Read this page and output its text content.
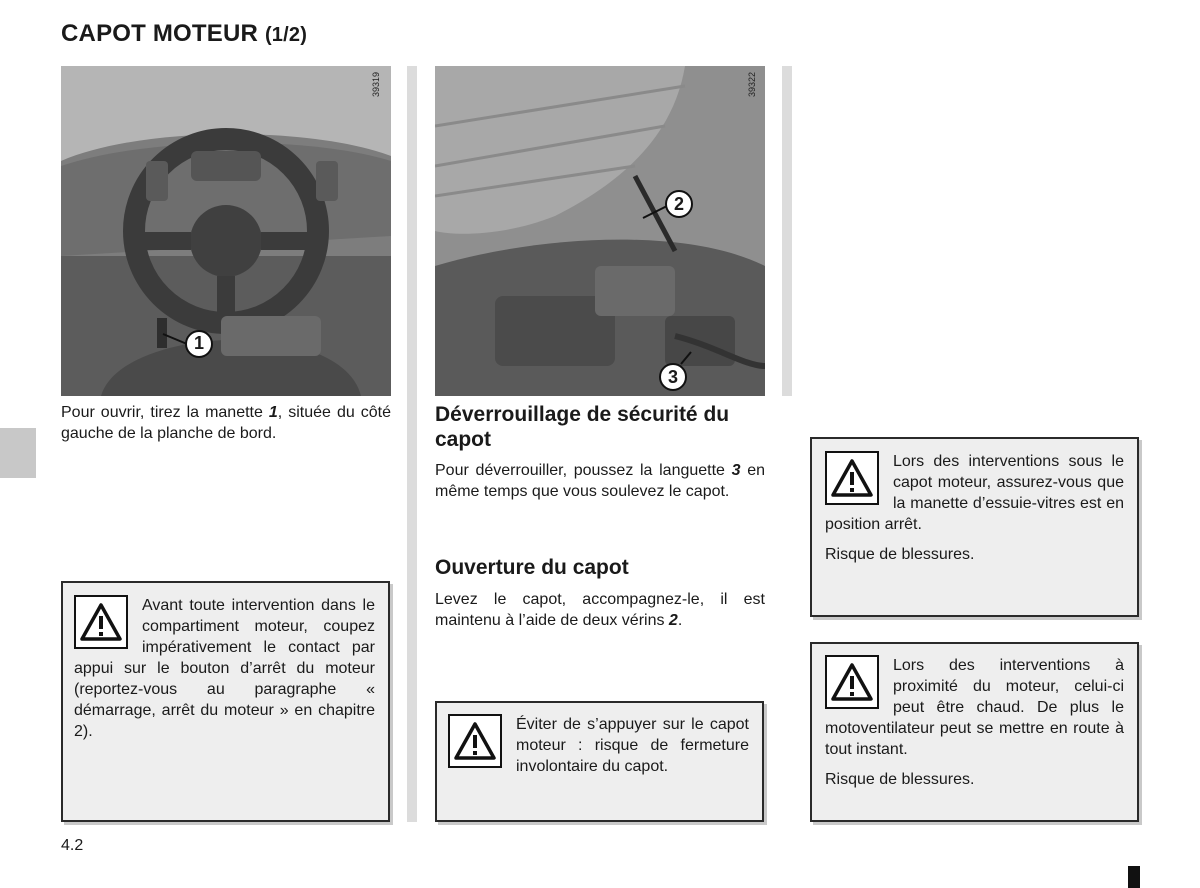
CAPOT MOTEUR (1/2)
39319
1
Pour ouvrir, tirez la manette 1, située du côté gauche de la planche de bord.

Avant toute intervention dans le compartiment moteur, coupez impérativement le contact par appui sur le bouton d’arrêt du moteur (reportez-vous au paragraphe « démarrage, arrêt du moteur » en chapitre 2).

39322
2
3
Déverrouillage de sécurité du capot
Pour déverrouiller, poussez la languette 3 en même temps que vous soulevez le capot.
Ouverture du capot
Levez le capot, accompagnez-le, il est maintenu à l’aide de deux vérins 2.

Éviter de s’appuyer sur le capot moteur : risque de fermeture involontaire du capot.

Lors des interventions sous le capot moteur, assurez-vous que la manette d’essuie-vitres est en position arrêt.

Risque de blessures.

Lors des interventions à proximité du moteur, celui-ci peut être chaud. De plus le motoventilateur peut se mettre en route à tout instant.

Risque de blessures.

4.2
